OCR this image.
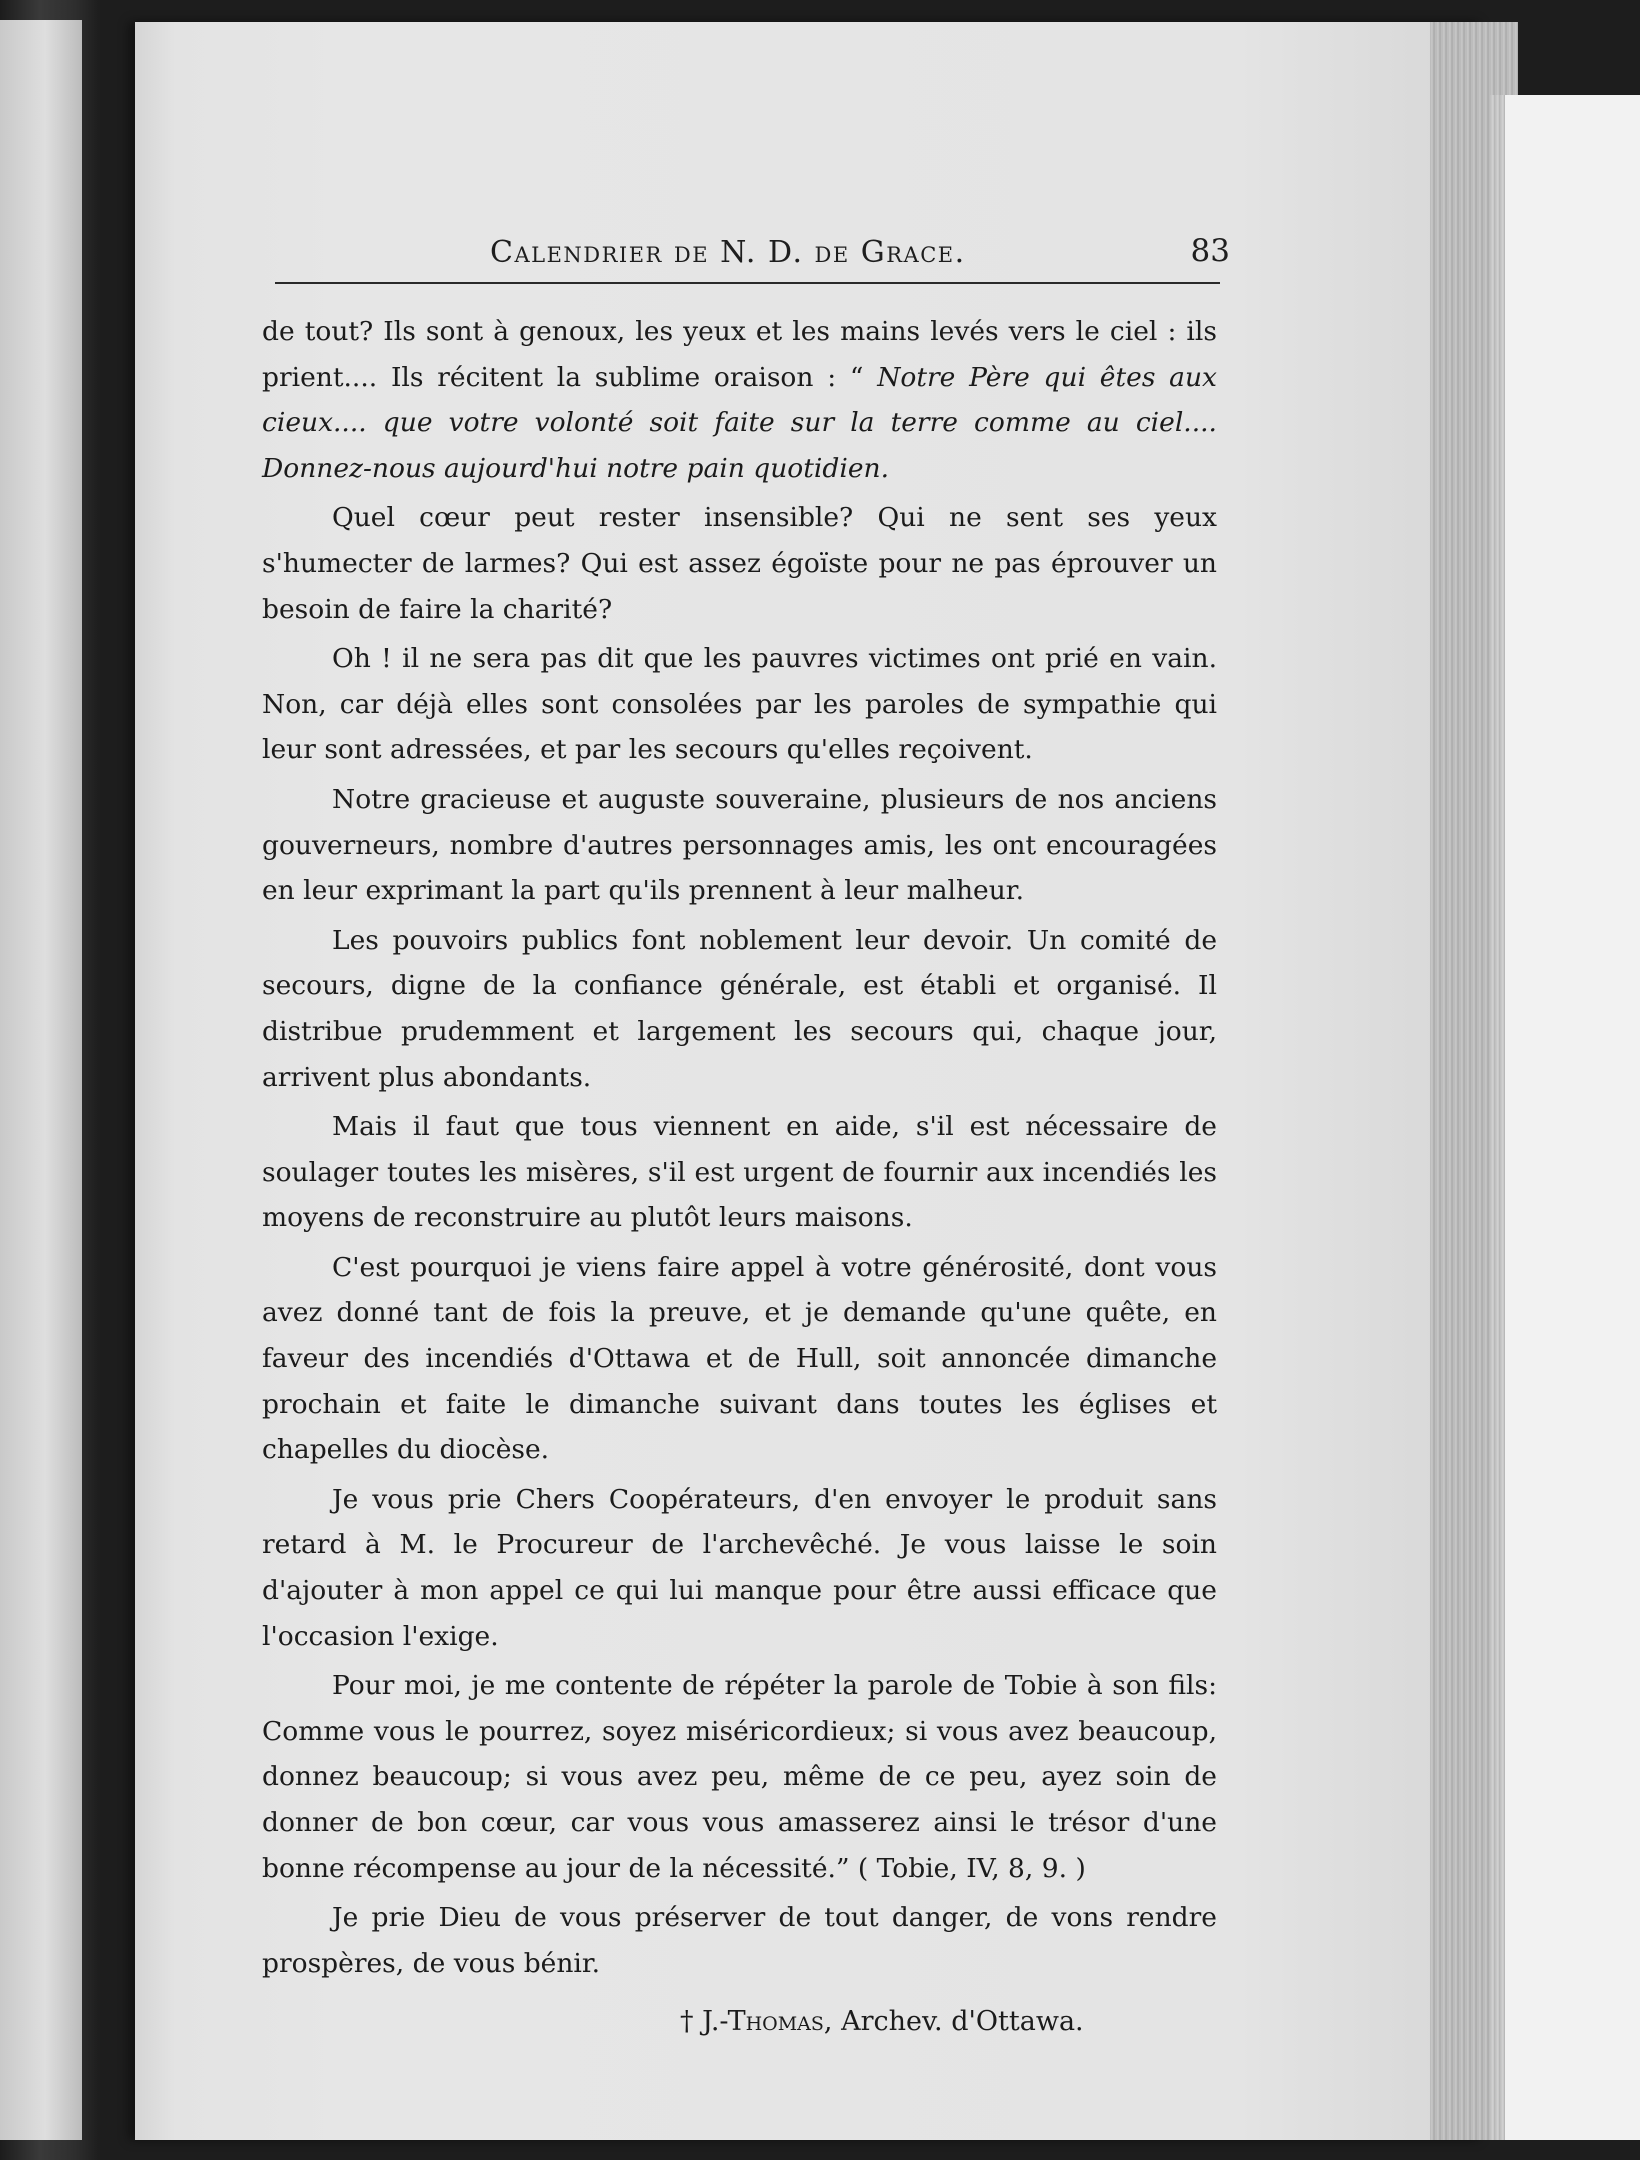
Calendrier de N. D. de Grace.	83

de tout? Ils sont à genoux, les yeux et les mains levés vers le ciel : ils prient.... Ils récitent la sublime oraison : “ Notre Père qui êtes aux cieux.... que votre volonté soit faite sur la terre comme au ciel.... Donnez-nous aujourd'hui notre pain quotidien.

Quel cœur peut rester insensible? Qui ne sent ses yeux s'humecter de larmes? Qui est assez égoïste pour ne pas éprouver un besoin de faire la charité?

Oh ! il ne sera pas dit que les pauvres victimes ont prié en vain. Non, car déjà elles sont consolées par les paroles de sympathie qui leur sont adressées, et par les secours qu'elles reçoivent.

Notre gracieuse et auguste souveraine, plusieurs de nos anciens gouverneurs, nombre d'autres personnages amis, les ont encouragées en leur exprimant la part qu'ils prennent à leur malheur.

Les pouvoirs publics font noblement leur devoir. Un comité de secours, digne de la confiance générale, est établi et organisé. Il distribue prudemment et largement les secours qui, chaque jour, arrivent plus abondants.

Mais il faut que tous viennent en aide, s'il est nécessaire de soulager toutes les misères, s'il est urgent de fournir aux incendiés les moyens de reconstruire au plutôt leurs maisons.

C'est pourquoi je viens faire appel à votre générosité, dont vous avez donné tant de fois la preuve, et je demande qu'une quête, en faveur des incendiés d'Ottawa et de Hull, soit annoncée dimanche prochain et faite le dimanche suivant dans toutes les églises et chapelles du diocèse.

Je vous prie Chers Coopérateurs, d'en envoyer le produit sans retard à M. le Procureur de l'archevêché. Je vous laisse le soin d'ajouter à mon appel ce qui lui manque pour être aussi efficace que l'occasion l'exige.

Pour moi, je me contente de répéter la parole de Tobie à son fils: Comme vous le pourrez, soyez miséricordieux; si vous avez beaucoup, donnez beaucoup; si vous avez peu, même de ce peu, ayez soin de donner de bon cœur, car vous vous amasserez ainsi le trésor d'une bonne récompense au jour de la nécessité.” ( Tobie, IV, 8, 9. )

Je prie Dieu de vous préserver de tout danger, de vons rendre prospères, de vous bénir.

† J.-Thomas, Archev. d'Ottawa.
